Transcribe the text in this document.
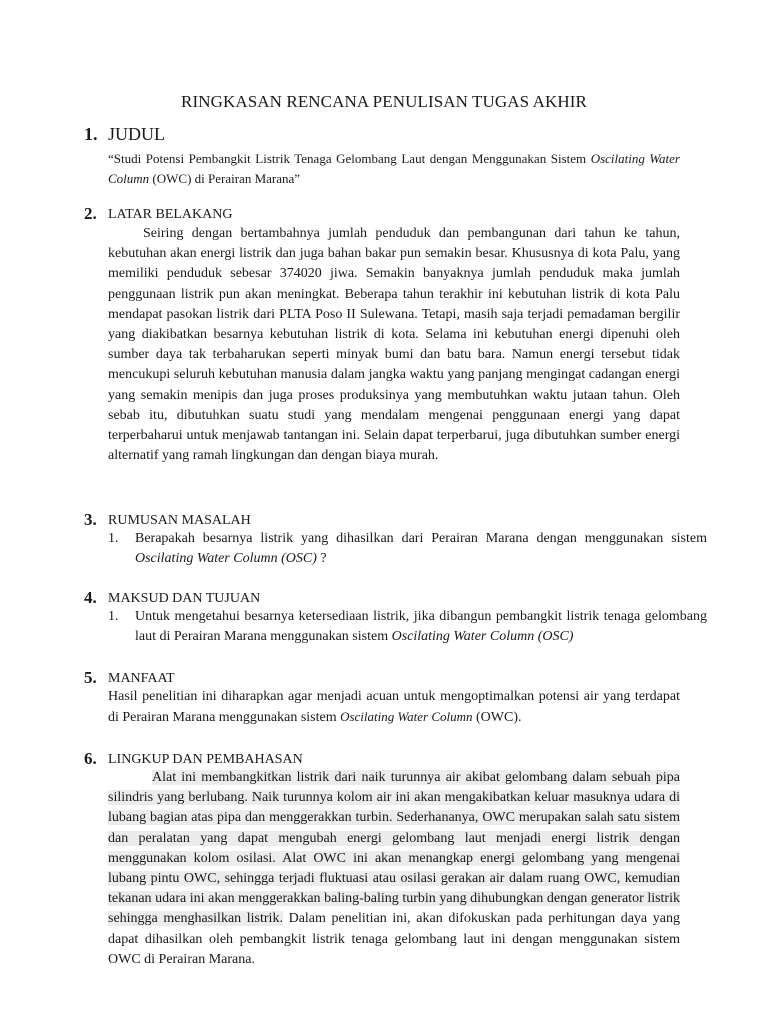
RINGKASAN RENCANA PENULISAN TUGAS AKHIR
1. JUDUL
“Studi Potensi Pembangkit Listrik Tenaga Gelombang Laut dengan Menggunakan Sistem Oscilating Water Column (OWC) di Perairan Marana”
2. LATAR BELAKANG
Seiring dengan bertambahnya jumlah penduduk dan pembangunan dari tahun ke tahun, kebutuhan akan energi listrik dan juga bahan bakar pun semakin besar. Khususnya di kota Palu, yang memiliki penduduk sebesar 374020 jiwa. Semakin banyaknya jumlah penduduk maka jumlah penggunaan listrik pun akan meningkat. Beberapa tahun terakhir ini kebutuhan listrik di kota Palu mendapat pasokan listrik dari PLTA Poso II Sulewana. Tetapi, masih saja terjadi pemadaman bergilir yang diakibatkan besarnya kebutuhan listrik di kota. Selama ini kebutuhan energi dipenuhi oleh sumber daya tak terbaharukan seperti minyak bumi dan batu bara. Namun energi tersebut tidak mencukupi seluruh kebutuhan manusia dalam jangka waktu yang panjang mengingat cadangan energi yang semakin menipis dan juga proses produksinya yang membutuhkan waktu jutaan tahun. Oleh sebab itu, dibutuhkan suatu studi yang mendalam mengenai penggunaan energi yang dapat terperbaharui untuk menjawab tantangan ini. Selain dapat terperbarui, juga dibutuhkan sumber energi alternatif yang ramah lingkungan dan dengan biaya murah.
3. RUMUSAN MASALAH
1. Berapakah besarnya listrik yang dihasilkan dari Perairan Marana dengan menggunakan sistem Oscilating Water Column (OSC) ?
4. MAKSUD DAN TUJUAN
1. Untuk mengetahui besarnya ketersediaan listrik, jika dibangun pembangkit listrik tenaga gelombang laut di Perairan Marana menggunakan sistem Oscilating Water Column (OSC)
5. MANFAAT
Hasil penelitian ini diharapkan agar menjadi acuan untuk mengoptimalkan potensi air yang terdapat di Perairan Marana menggunakan sistem Oscilating Water Column (OWC).
6. LINGKUP DAN PEMBAHASAN
Alat ini membangkitkan listrik dari naik turunnya air akibat gelombang dalam sebuah pipa silindris yang berlubang. Naik turunnya kolom air ini akan mengakibatkan keluar masuknya udara di lubang bagian atas pipa dan menggerakkan turbin. Sederhananya, OWC merupakan salah satu sistem dan peralatan yang dapat mengubah energi gelombang laut menjadi energi listrik dengan menggunakan kolom osilasi. Alat OWC ini akan menangkap energi gelombang yang mengenai lubang pintu OWC, sehingga terjadi fluktuasi atau osilasi gerakan air dalam ruang OWC, kemudian tekanan udara ini akan menggerakkan baling-baling turbin yang dihubungkan dengan generator listrik sehingga menghasilkan listrik. Dalam penelitian ini, akan difokuskan pada perhitungan daya yang dapat dihasilkan oleh pembangkit listrik tenaga gelombang laut ini dengan menggunakan sistem OWC di Perairan Marana.
